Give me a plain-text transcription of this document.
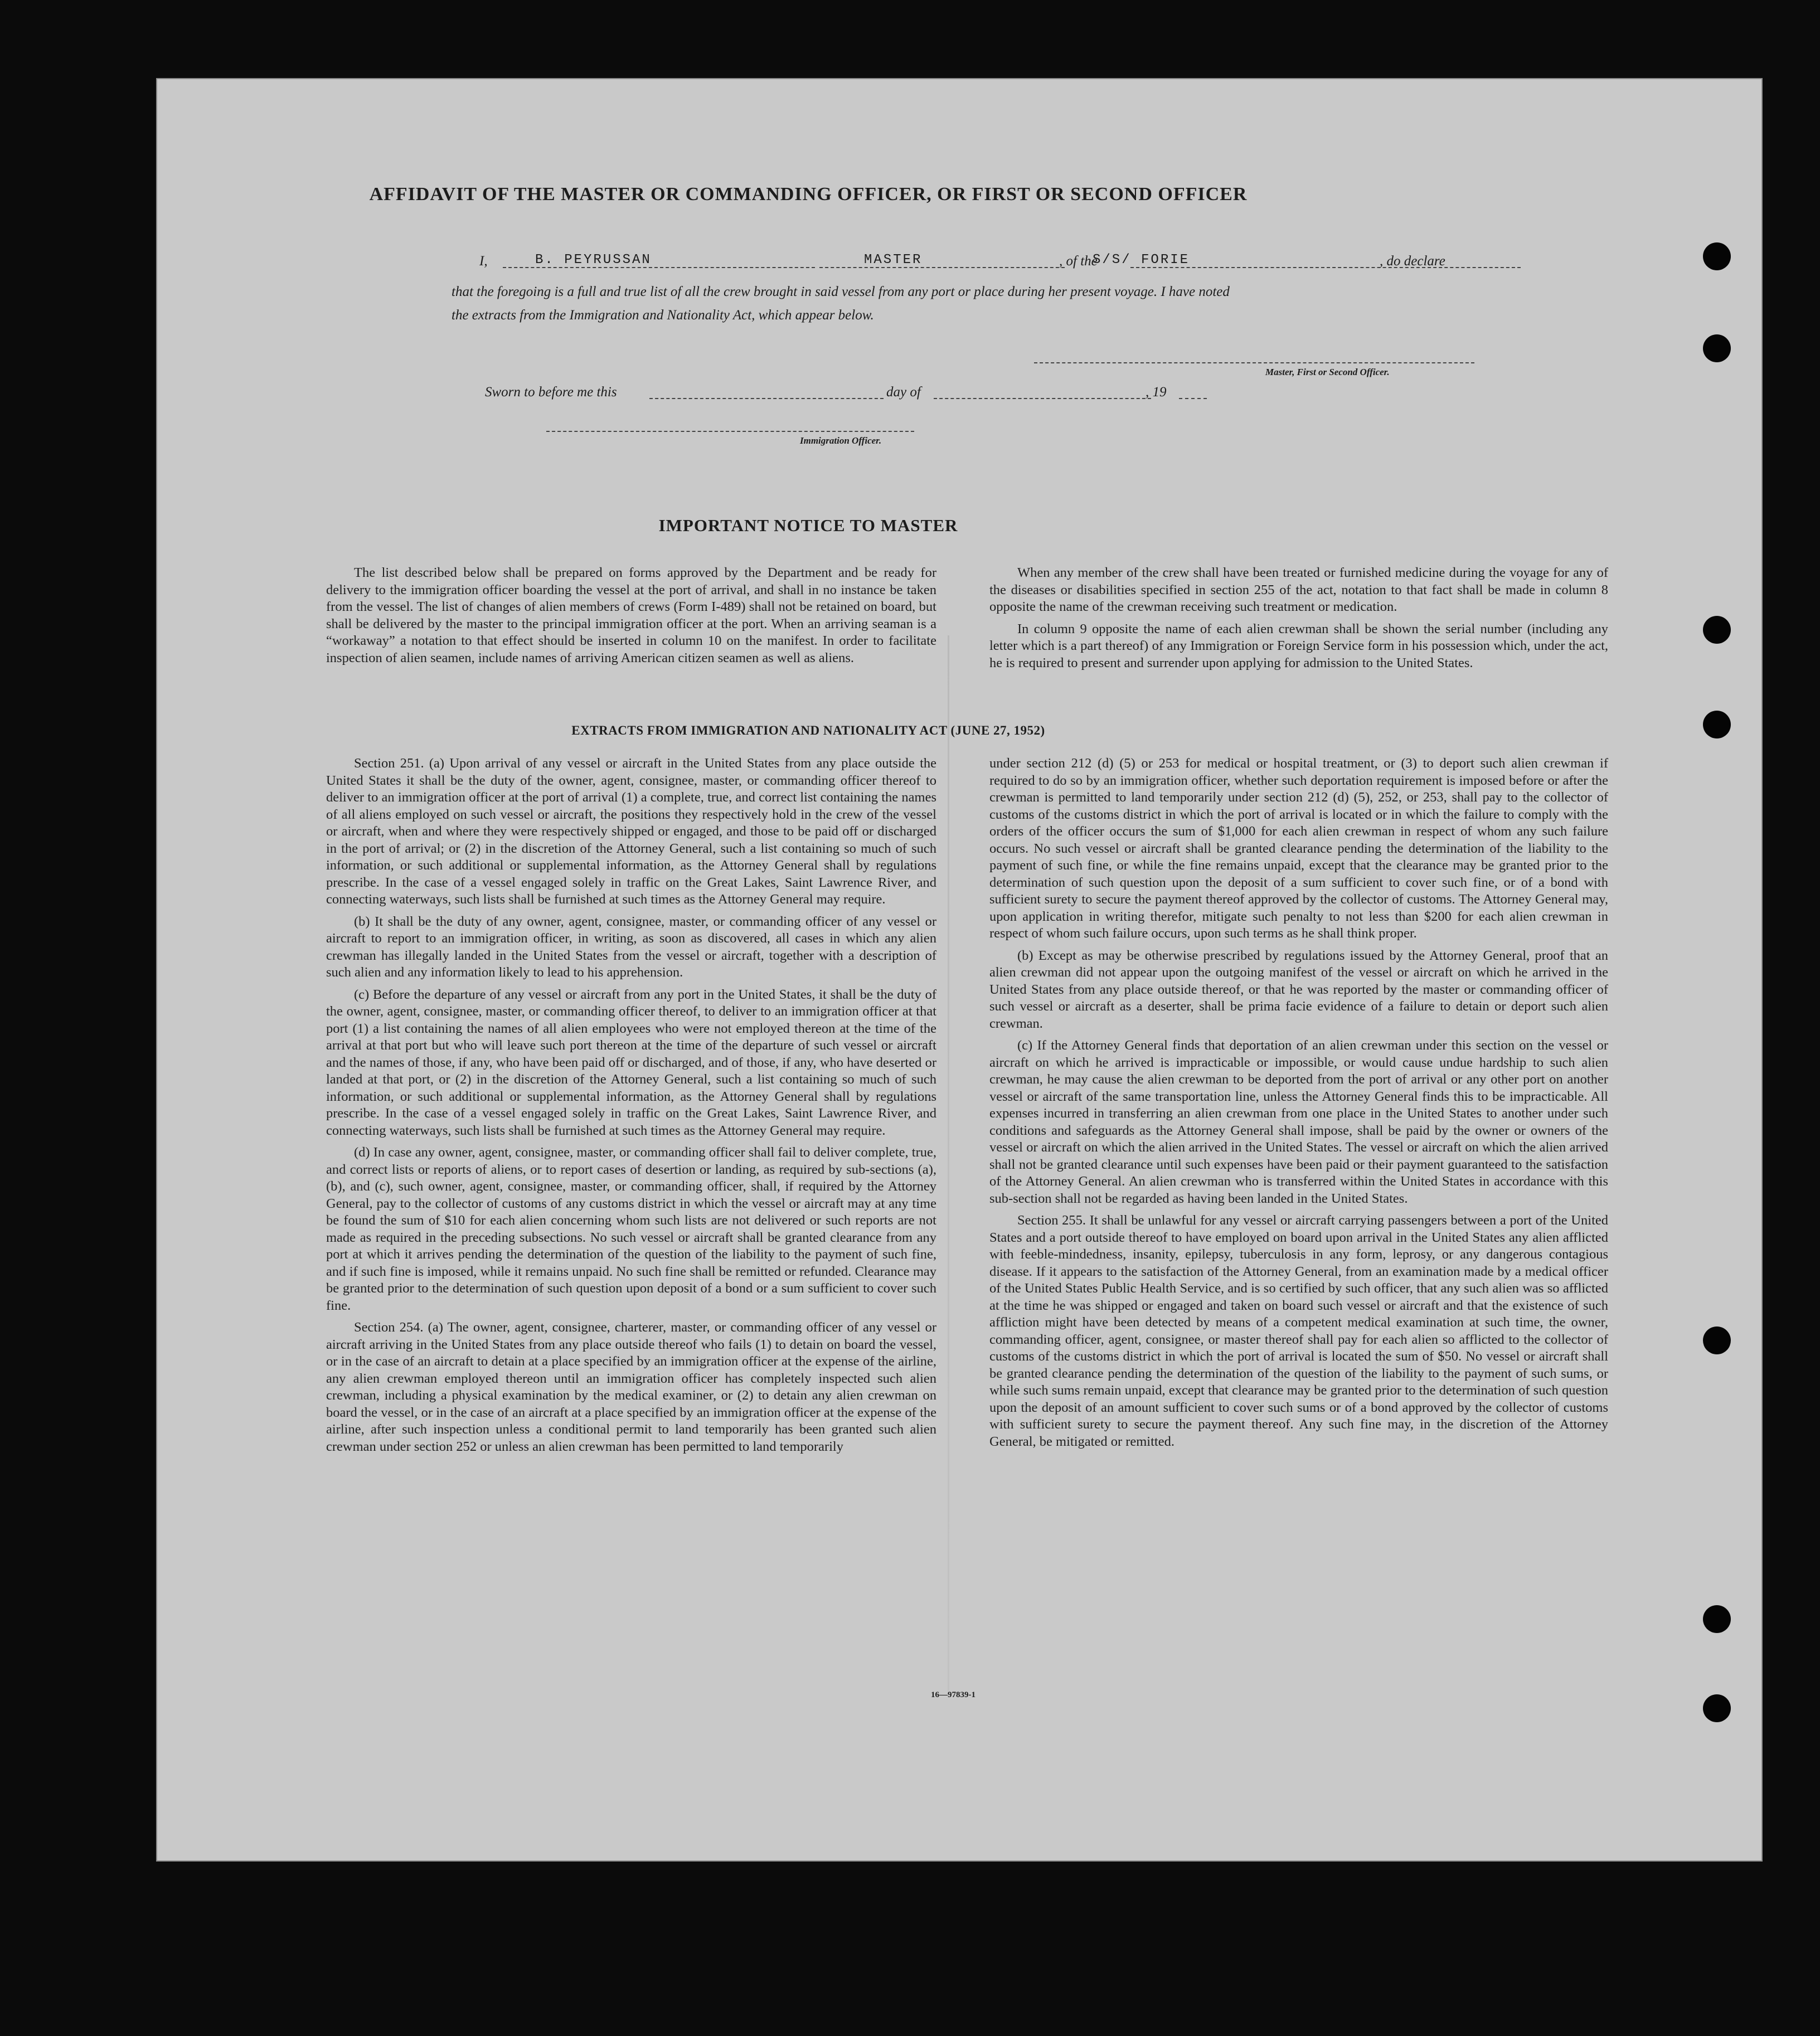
AFFIDAVIT OF THE MASTER OR COMMANDING OFFICER, OR FIRST OR SECOND OFFICER
I,	B. PEYRUSSAN	MASTER	, of the
S/S/ FORIE	, do declare
that the foregoing is a full and true list of all the crew brought in said vessel from any port or place during her present voyage. I have noted
the extracts from the Immigration and Nationality Act, which appear below.
Master, First or Second Officer.
Sworn to before me this	day of	, 19
Immigration Officer.
IMPORTANT NOTICE TO MASTER

The list described below shall be prepared on forms approved by the Department and be ready for delivery to the immigration officer boarding the vessel at the port of arrival, and shall in no instance be taken from the vessel. The list of changes of alien members of crews (Form I-489) shall not be retained on board, but shall be delivered by the master to the principal immigration officer at the port. When an arriving seaman is a “workaway” a notation to that effect should be inserted in column 10 on the manifest. In order to facilitate inspection of alien seamen, include names of arriving American citizen seamen as well as aliens.

When any member of the crew shall have been treated or furnished medicine during the voyage for any of the diseases or disabilities specified in section 255 of the act, notation to that fact shall be made in column 8 opposite the name of the crewman receiving such treatment or medication.

In column 9 opposite the name of each alien crewman shall be shown the serial number (including any letter which is a part thereof) of any Immigration or Foreign Service form in his possession which, under the act, he is required to present and surrender upon applying for admission to the United States.

EXTRACTS FROM IMMIGRATION AND NATIONALITY ACT (JUNE 27, 1952)

Section 251. (a) Upon arrival of any vessel or aircraft in the United States from any place outside the United States it shall be the duty of the owner, agent, consignee, master, or commanding officer thereof to deliver to an immigration officer at the port of arrival (1) a complete, true, and correct list containing the names of all aliens employed on such vessel or aircraft, the positions they respectively hold in the crew of the vessel or aircraft, when and where they were respectively shipped or engaged, and those to be paid off or discharged in the port of arrival; or (2) in the discretion of the Attorney General, such a list containing so much of such information, or such additional or supplemental information, as the Attorney General shall by regulations prescribe. In the case of a vessel engaged solely in traffic on the Great Lakes, Saint Lawrence River, and connecting waterways, such lists shall be furnished at such times as the Attorney General may require.

(b) It shall be the duty of any owner, agent, consignee, master, or commanding officer of any vessel or aircraft to report to an immigration officer, in writing, as soon as discovered, all cases in which any alien crewman has illegally landed in the United States from the vessel or aircraft, together with a description of such alien and any information likely to lead to his apprehension.

(c) Before the departure of any vessel or aircraft from any port in the United States, it shall be the duty of the owner, agent, consignee, master, or commanding officer thereof, to deliver to an immigration officer at that port (1) a list containing the names of all alien employees who were not employed thereon at the time of the arrival at that port but who will leave such port thereon at the time of the departure of such vessel or aircraft and the names of those, if any, who have been paid off or discharged, and of those, if any, who have deserted or landed at that port, or (2) in the discretion of the Attorney General, such a list containing so much of such information, or such additional or supplemental information, as the Attorney General shall by regulations prescribe. In the case of a vessel engaged solely in traffic on the Great Lakes, Saint Lawrence River, and connecting waterways, such lists shall be furnished at such times as the Attorney General may require.

(d) In case any owner, agent, consignee, master, or commanding officer shall fail to deliver complete, true, and correct lists or reports of aliens, or to report cases of desertion or landing, as required by sub-sections (a), (b), and (c), such owner, agent, consignee, master, or commanding officer, shall, if required by the Attorney General, pay to the collector of customs of any customs district in which the vessel or aircraft may at any time be found the sum of $10 for each alien concerning whom such lists are not delivered or such reports are not made as required in the preceding subsections. No such vessel or aircraft shall be granted clearance from any port at which it arrives pending the determination of the question of the liability to the payment of such fine, and if such fine is imposed, while it remains unpaid. No such fine shall be remitted or refunded. Clearance may be granted prior to the determination of such question upon deposit of a bond or a sum sufficient to cover such fine.

Section 254. (a) The owner, agent, consignee, charterer, master, or commanding officer of any vessel or aircraft arriving in the United States from any place outside thereof who fails (1) to detain on board the vessel, or in the case of an aircraft to detain at a place specified by an immigration officer at the expense of the airline, any alien crewman employed thereon until an immigration officer has completely inspected such alien crewman, including a physical examination by the medical examiner, or (2) to detain any alien crewman on board the vessel, or in the case of an aircraft at a place specified by an immigration officer at the expense of the airline, after such inspection unless a conditional permit to land temporarily has been granted such alien crewman under section 252 or unless an alien crewman has been permitted to land temporarily

under section 212 (d) (5) or 253 for medical or hospital treatment, or (3) to deport such alien crewman if required to do so by an immigration officer, whether such deportation requirement is imposed before or after the crewman is permitted to land temporarily under section 212 (d) (5), 252, or 253, shall pay to the collector of customs of the customs district in which the port of arrival is located or in which the failure to comply with the orders of the officer occurs the sum of $1,000 for each alien crewman in respect of whom any such failure occurs. No such vessel or aircraft shall be granted clearance pending the determination of the liability to the payment of such fine, or while the fine remains unpaid, except that the clearance may be granted prior to the determination of such question upon the deposit of a sum sufficient to cover such fine, or of a bond with sufficient surety to secure the payment thereof approved by the collector of customs. The Attorney General may, upon application in writing therefor, mitigate such penalty to not less than $200 for each alien crewman in respect of whom such failure occurs, upon such terms as he shall think proper.

(b) Except as may be otherwise prescribed by regulations issued by the Attorney General, proof that an alien crewman did not appear upon the outgoing manifest of the vessel or aircraft on which he arrived in the United States from any place outside thereof, or that he was reported by the master or commanding officer of such vessel or aircraft as a deserter, shall be prima facie evidence of a failure to detain or deport such alien crewman.

(c) If the Attorney General finds that deportation of an alien crewman under this section on the vessel or aircraft on which he arrived is impracticable or impossible, or would cause undue hardship to such alien crewman, he may cause the alien crewman to be deported from the port of arrival or any other port on another vessel or aircraft of the same transportation line, unless the Attorney General finds this to be impracticable. All expenses incurred in transferring an alien crewman from one place in the United States to another under such conditions and safeguards as the Attorney General shall impose, shall be paid by the owner or owners of the vessel or aircraft on which the alien arrived in the United States. The vessel or aircraft on which the alien arrived shall not be granted clearance until such expenses have been paid or their payment guaranteed to the satisfaction of the Attorney General. An alien crewman who is transferred within the United States in accordance with this sub-section shall not be regarded as having been landed in the United States.

Section 255. It shall be unlawful for any vessel or aircraft carrying passengers between a port of the United States and a port outside thereof to have employed on board upon arrival in the United States any alien afflicted with feeble-mindedness, insanity, epilepsy, tuberculosis in any form, leprosy, or any dangerous contagious disease. If it appears to the satisfaction of the Attorney General, from an examination made by a medical officer of the United States Public Health Service, and is so certified by such officer, that any such alien was so afflicted at the time he was shipped or engaged and taken on board such vessel or aircraft and that the existence of such affliction might have been detected by means of a competent medical examination at such time, the owner, commanding officer, agent, consignee, or master thereof shall pay for each alien so afflicted to the collector of customs of the customs district in which the port of arrival is located the sum of $50. No vessel or aircraft shall be granted clearance pending the determination of the question of the liability to the payment of such sums, or while such sums remain unpaid, except that clearance may be granted prior to the determination of such question upon the deposit of an amount sufficient to cover such sums or of a bond approved by the collector of customs with sufficient surety to secure the payment thereof. Any such fine may, in the discretion of the Attorney General, be mitigated or remitted.

16—97839-1
